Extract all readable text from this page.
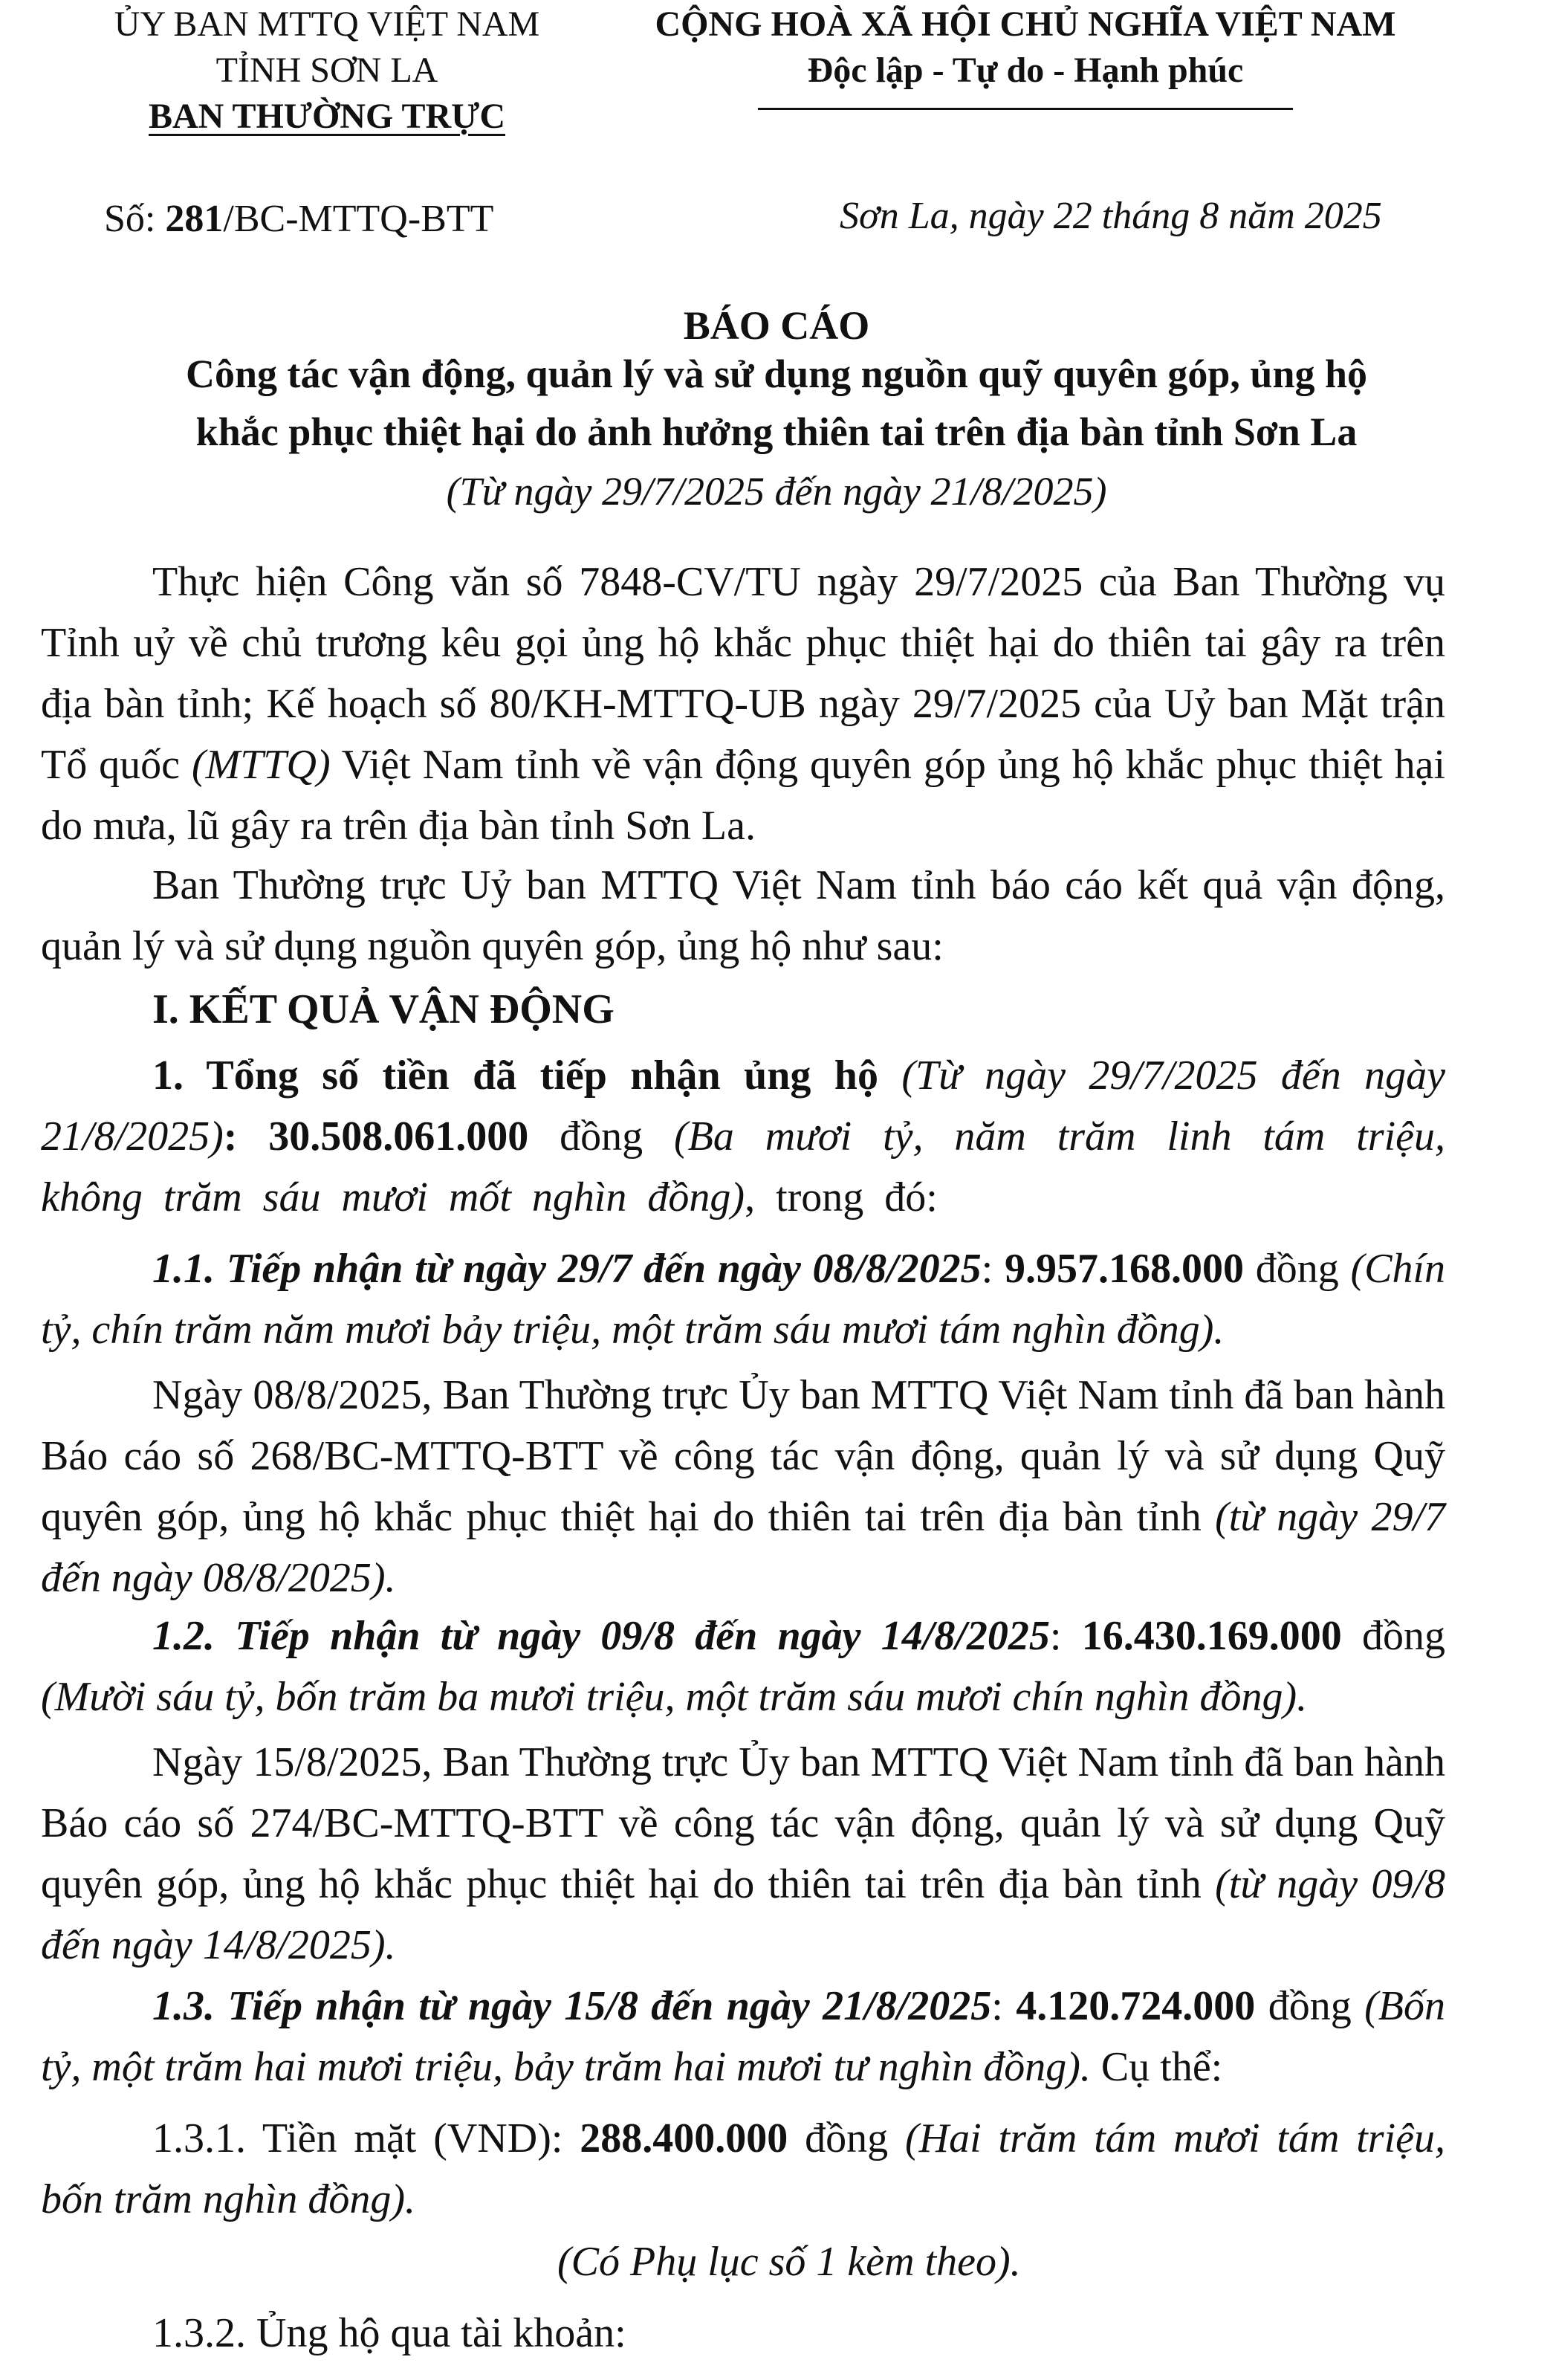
ỦY BAN MTTQ VIỆT NAM
TỈNH SƠN LA
BAN THƯỜNG TRỰC
CỘNG HOÀ XÃ HỘI CHỦ NGHĨA VIỆT NAM
Độc lập - Tự do - Hạnh phúc
Số: 281/BC-MTTQ-BTT	Sơn La, ngày 22 tháng 8 năm 2025
BÁO CÁO
Công tác vận động, quản lý và sử dụng nguồn quỹ quyên góp, ủng hộ
khắc phục thiệt hại do ảnh hưởng thiên tai trên địa bàn tỉnh Sơn La
(Từ ngày 29/7/2025 đến ngày 21/8/2025)
Thực hiện Công văn số 7848-CV/TU ngày 29/7/2025 của Ban Thường vụ Tỉnh uỷ về chủ trương kêu gọi ủng hộ khắc phục thiệt hại do thiên tai gây ra trên địa bàn tỉnh; Kế hoạch số 80/KH-MTTQ-UB ngày 29/7/2025 của Uỷ ban Mặt trận Tổ quốc (MTTQ) Việt Nam tỉnh về vận động quyên góp ủng hộ khắc phục thiệt hại do mưa, lũ gây ra trên địa bàn tỉnh Sơn La.
Ban Thường trực Uỷ ban MTTQ Việt Nam tỉnh báo cáo kết quả vận động, quản lý và sử dụng nguồn quyên góp, ủng hộ như sau:
I. KẾT QUẢ VẬN ĐỘNG
1. Tổng số tiền đã tiếp nhận ủng hộ (Từ ngày 29/7/2025 đến ngày 21/8/2025): 30.508.061.000 đồng (Ba mươi tỷ, năm trăm linh tám triệu, không trăm sáu mươi mốt nghìn đồng), trong đó:
1.1. Tiếp nhận từ ngày 29/7 đến ngày 08/8/2025: 9.957.168.000 đồng (Chín tỷ, chín trăm năm mươi bảy triệu, một trăm sáu mươi tám nghìn đồng).
Ngày 08/8/2025, Ban Thường trực Ủy ban MTTQ Việt Nam tỉnh đã ban hành Báo cáo số 268/BC-MTTQ-BTT về công tác vận động, quản lý và sử dụng Quỹ quyên góp, ủng hộ khắc phục thiệt hại do thiên tai trên địa bàn tỉnh (từ ngày 29/7 đến ngày 08/8/2025).
1.2. Tiếp nhận từ ngày 09/8 đến ngày 14/8/2025: 16.430.169.000 đồng (Mười sáu tỷ, bốn trăm ba mươi triệu, một trăm sáu mươi chín nghìn đồng).
Ngày 15/8/2025, Ban Thường trực Ủy ban MTTQ Việt Nam tỉnh đã ban hành Báo cáo số 274/BC-MTTQ-BTT về công tác vận động, quản lý và sử dụng Quỹ quyên góp, ủng hộ khắc phục thiệt hại do thiên tai trên địa bàn tỉnh (từ ngày 09/8 đến ngày 14/8/2025).
1.3. Tiếp nhận từ ngày 15/8 đến ngày 21/8/2025: 4.120.724.000 đồng (Bốn tỷ, một trăm hai mươi triệu, bảy trăm hai mươi tư nghìn đồng). Cụ thể:
1.3.1. Tiền mặt (VND): 288.400.000 đồng (Hai trăm tám mươi tám triệu, bốn trăm nghìn đồng).
(Có Phụ lục số 1 kèm theo).
1.3.2. Ủng hộ qua tài khoản:
